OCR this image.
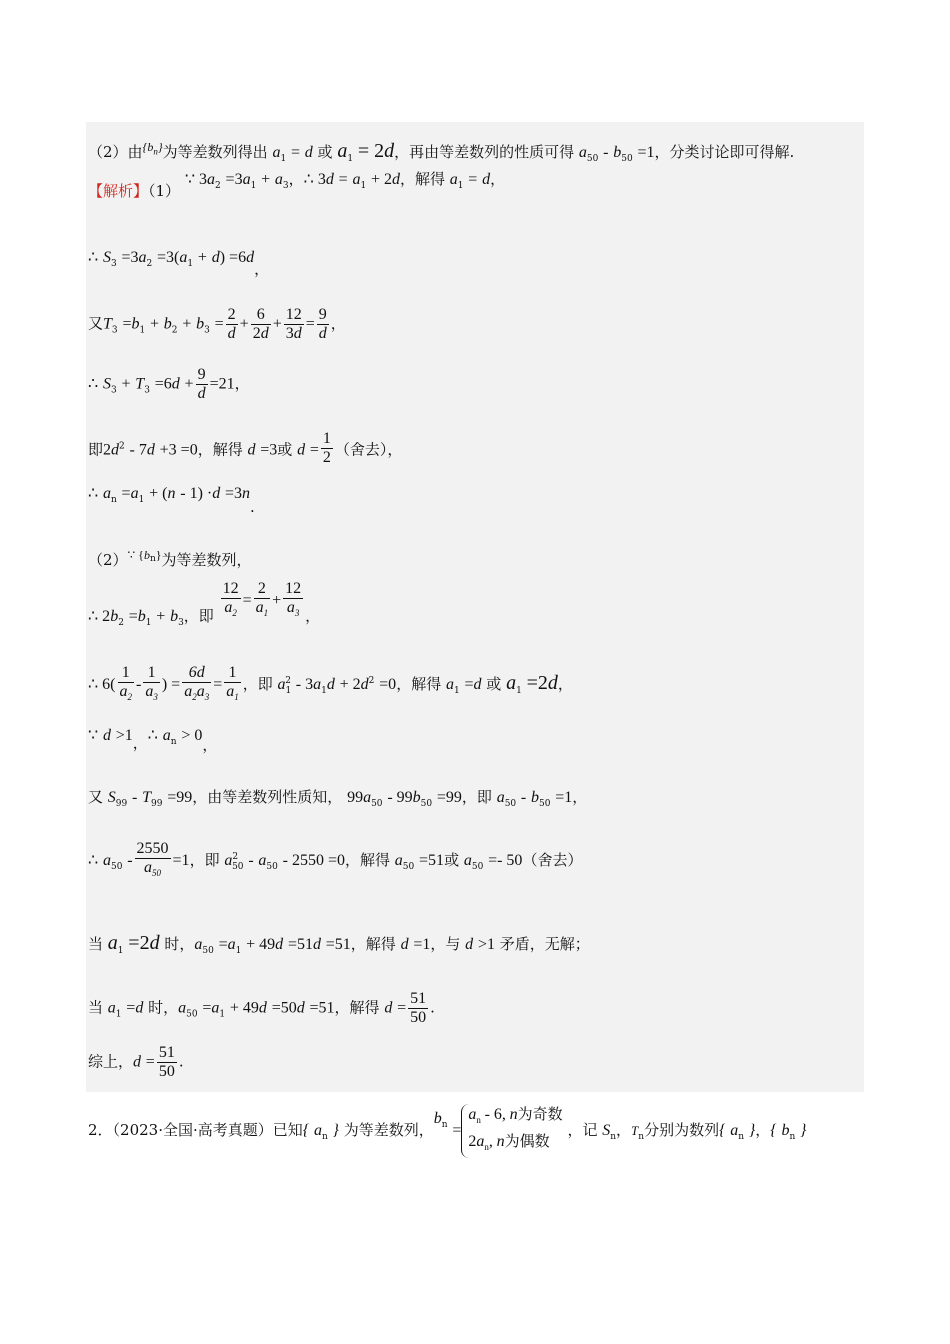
（2）由$^{\{b_n\}}$为等差数列得出 $a_1 = d$ 或 $a_1 = 2d$，再由等差数列的性质可得 $a_{50} - b_{50} =1$，分类讨论即可得解.
【解析】（1） ∵ $3a_2 =3a_1 + a_3$，∴ $3d = a_1 + 2d$，解得 $a_1 = d$，
∴ $S_3 =3a_2 =3(a_1 + d) =6d$，
又$T_3 =b_1 + b_2 + b_3 = \frac{2}{d} + \frac{6}{2d} + \frac{12}{3d} = \frac{9}{d}$ ，
∴ $S_3 + T_3 =6d + \frac{9}{d} =21$，
即$2d^2 - 7d +3 =0$，解得 d =3或 $d = \frac{1}{2}$ （舍去），
∴ $a_n =a_1 + (n - 1) \cdot d =3n$.
$(2)^{\because \{b}_n^{\}}$为等差数列，
∴ $2b_2 =b_1 + b_3$，即 $\frac{12}{a_2} = \frac{2}{a_1} + \frac{12}{a_3}$ ，
∴ $6( \frac{1}{a_2} - \frac{1}{a_3}$ ) = $\frac{6d}{a_2a_3} = \frac{1}{a_1}$ ，即 $a_1^2 - 3a_1d + 2d^2 =0$，解得 $a_1 =d$ 或 $a_1 =2d$，
∵ d >1，∴ $a_n > 0$，
又 $S_{99} - T_{99} =99$，由等差数列性质知， $99a_{50} - 99b_{50} =99$，即 $a_{50} - b_{50} =1$，
∴ $a_{50} - \frac{2550}{a_{50}} =1$，即 $a^2_{50} - a_{50} - 2550 =0$，解得 $a_{50} =51$或 $a_{50} =- 50$（舍去）
当 $a_1 =2d$ 时，$a_{50} =a_1 + 49d =51d =51$，解得 d =1，与 d >1 矛盾，无解；
当 $a_1 =d$ 时，$a_{50} =a_1 + 49d =50d =51$，解得 $d = \frac{51}{50}$ .
综上，$d = \frac{51}{50}$ .
2．（2023·全国·高考真题）已知{ $a_n$ } 为等差数列，$b_n$ =
$a_n - 6$, n为奇数
$2a_n$, n为偶数
，记 $S_n$，$T_n$分别为数列{ $a_n$ }，{ $b_n$ }
